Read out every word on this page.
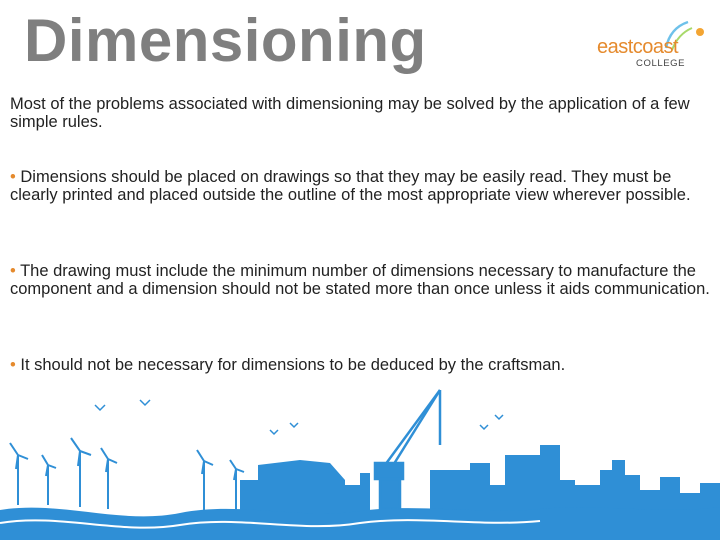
Dimensioning	eastcoast
COLLEGE
Most of the problems associated with dimensioning may be solved by the application of a few simple rules.
• Dimensions should be placed on drawings so that they may be easily read. They must be clearly printed and placed outside the outline of the most appropriate view wherever possible.
• The drawing must include the minimum number of dimensions necessary to manufacture the component and a dimension should not be stated more than once unless it aids communication.
• It should not be necessary for dimensions to be deduced by the craftsman.
